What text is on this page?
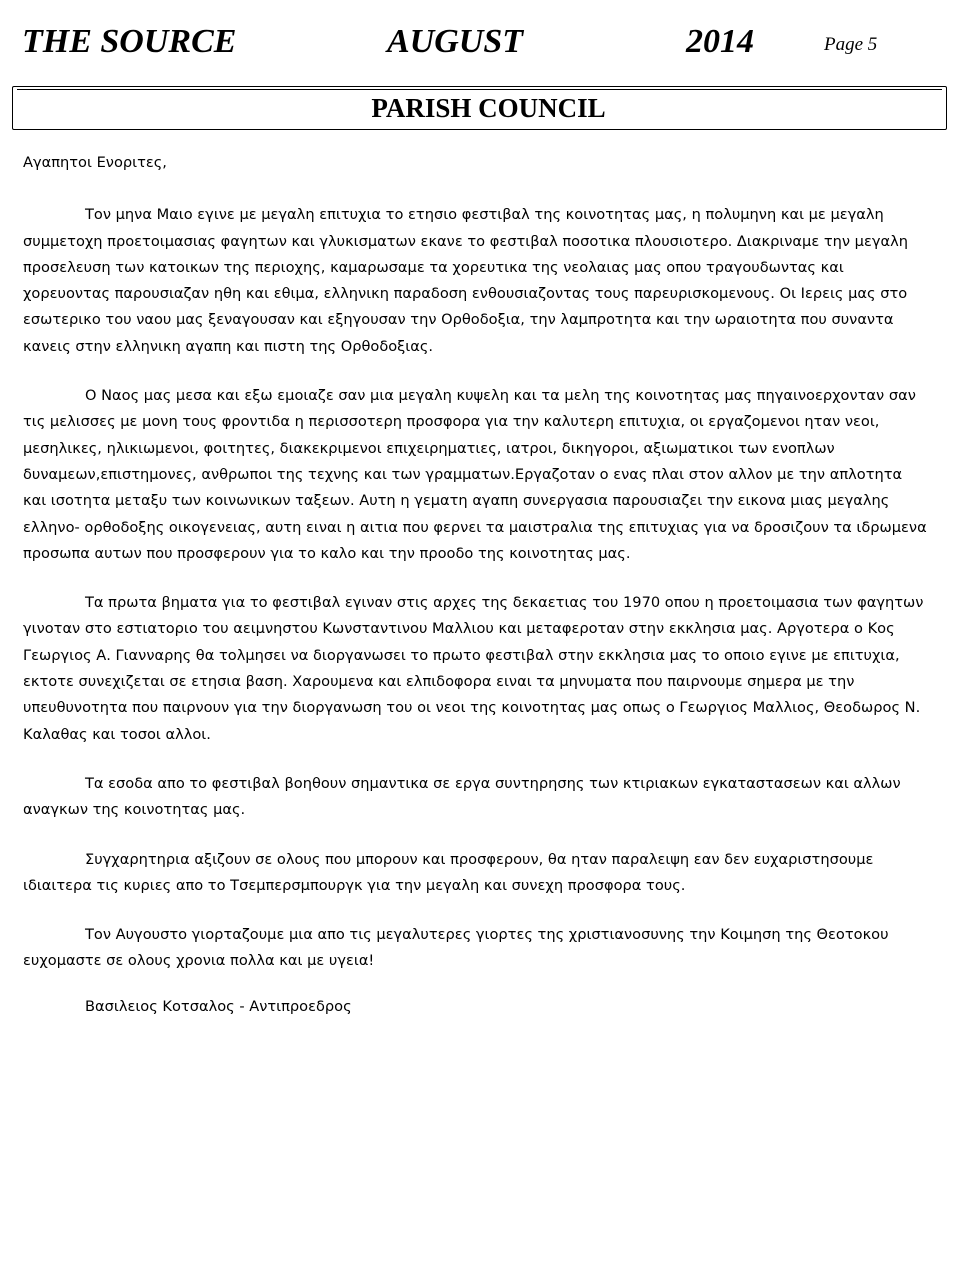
THE SOURCE	AUGUST	2014	Page 5
PARISH COUNCIL

Αγαπητοι Ενοριτες,

Τον μηνα Μαιο εγινε με μεγαλη επιτυχια το ετησιο φεστιβαλ της κοινοτητας μας, η πολυμηνη και με μεγαλη συμμετοχη προετοιμασιας φαγητων και γλυκισματων εκανε το φεστιβαλ ποσοτικα πλουσιοτερο. Διακριναμε την μεγαλη προσελευση των κατοικων της περιοχης, καμαρωσαμε τα χορευτικα της νεολαιας μας οπου τραγουδωντας και χορευοντας παρουσιαζαν ηθη και εθιμα, ελληνικη παραδοση ενθουσιαζοντας τους παρευρισκομενους. Οι Ιερεις μας στο εσωτερικο του ναου μας ξεναγουσαν και εξηγουσαν την Ορθοδοξια, την λαμπροτητα και την ωραιοτητα που συναντα κανεις στην ελληνικη αγαπη και πιστη της Ορθοδοξιας.

Ο Ναος μας μεσα και εξω εμοιαζε σαν μια μεγαλη κυψελη και τα μελη της κοινοτητας μας πηγαινοερχονταν σαν τις μελισσες με μονη τους φροντιδα η περισσοτερη προσφορα για την καλυτερη επιτυχια, οι εργαζομενοι ηταν νεοι, μεσηλικες, ηλικιωμενοι, φοιτητες, διακεκριμενοι επιχειρηματιες, ιατροι, δικηγοροι, αξιωματικοι των ενοπλων δυναμεων,επιστημονες, ανθρωποι της τεχνης και των γραμματων.Εργαζοταν ο ενας πλαι στον αλλον με την απλοτητα και ισοτητα μεταξυ των κοινωνικων ταξεων. Αυτη η γεματη αγαπη συνεργασια παρουσιαζει την εικονα μιας μεγαλης ελληνο- ορθοδοξης οικογενειας, αυτη ειναι η αιτια που φερνει τα μαιστραλια της επιτυχιας για να δροσιζουν τα ιδρωμενα προσωπα αυτων που προσφερουν για το καλο και την προοδο της κοινοτητας μας.

Τα πρωτα βηματα για το φεστιβαλ εγιναν στις αρχες της δεκαετιας του 1970 οπου η προετοιμασια των φαγητων γινοταν στο εστιατοριο του αειμνηστου Κωνσταντινου Μαλλιου και μεταφεροταν στην εκκλησια μας. Αργοτερα ο Κος Γεωργιος Α. Γιανναρης θα τολμησει να διοργανωσει το πρωτο φεστιβαλ στην εκκλησια μας το οποιο εγινε με επιτυχια, εκτοτε συνεχιζεται σε ετησια βαση. Χαρουμενα και ελπιδοφορα ειναι τα μηνυματα που παιρνουμε σημερα με την υπευθυνοτητα που παιρνουν για την διοργανωση του οι νεοι της κοινοτητας μας οπως ο Γεωργιος Μαλλιος, Θεοδωρος Ν. Καλαθας και τοσοι αλλοι.

Τα εσοδα απο το φεστιβαλ βοηθουν σημαντικα σε εργα συντηρησης των κτιριακων εγκαταστασεων και αλλων αναγκων της κοινοτητας μας.

Συγχαρητηρια αξιζουν σε ολους που μπορουν και προσφερουν, θα ηταν παραλειψη εαν δεν ευχαριστησουμε ιδιαιτερα τις κυριες απο το Τσεμπερσμπουργκ για την μεγαλη και συνεχη προσφορα τους.

Τον Αυγουστο γιορταζουμε μια απο τις μεγαλυτερες γιορτες της χριστιανοσυνης την Κοιμηση της Θεοτοκου ευχομαστε σε ολους χρονια πολλα και με υγεια!

Βασιλειος Κοτσαλος - Αντιπροεδρος
